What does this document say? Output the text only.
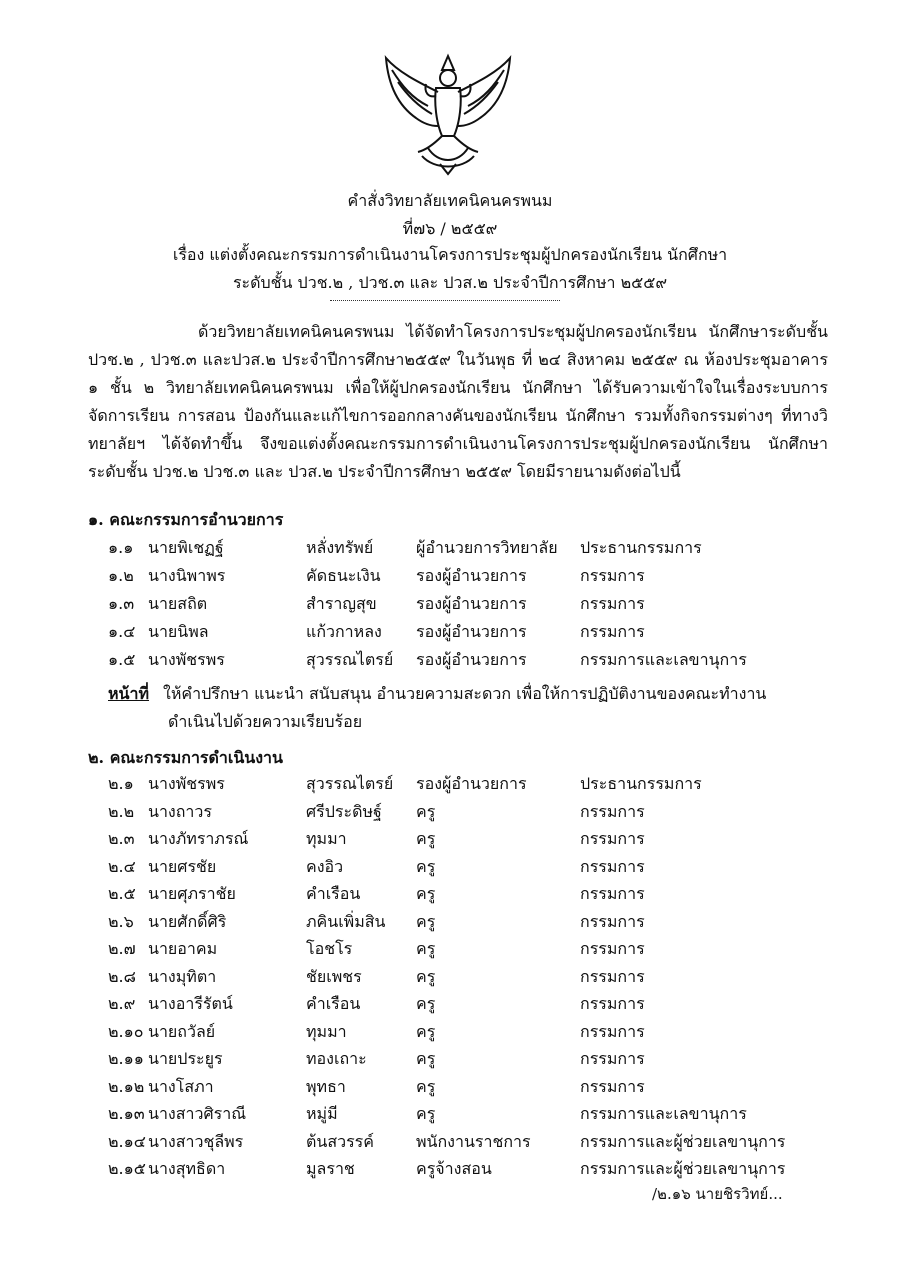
คำสั่งวิทยาลัยเทคนิคนครพนม
ที่๗๖ / ๒๕๕๙
เรื่อง แต่งตั้งคณะกรรมการดำเนินงานโครงการประชุมผู้ปกครองนักเรียน นักศึกษา
ระดับชั้น ปวช.๒ , ปวช.๓ และ ปวส.๒ ประจำปีการศึกษา ๒๕๕๙
ด้วยวิทยาลัยเทคนิคนครพนม ได้จัดทำโครงการประชุมผู้ปกครองนักเรียน นักศึกษาระดับชั้น ปวช.๒ , ปวช.๓ และปวส.๒ ประจำปีการศึกษา๒๕๕๙ ในวันพุธ ที่ ๒๔ สิงหาคม ๒๕๕๙ ณ ห้องประชุมอาคาร ๑ ชั้น ๒ วิทยาลัยเทคนิคนครพนม เพื่อให้ผู้ปกครองนักเรียน นักศึกษา ได้รับความเข้าใจในเรื่องระบบการจัดการเรียน การสอน ป้องกันและแก้ไขการออกกลางคันของนักเรียน นักศึกษา รวมทั้งกิจกรรมต่างๆ ที่ทางวิทยาลัยฯ ได้จัดทำขึ้น จึงขอแต่งตั้งคณะกรรมการดำเนินงานโครงการประชุมผู้ปกครองนักเรียน นักศึกษา ระดับชั้น ปวช.๒ ปวช.๓ และ ปวส.๒ ประจำปีการศึกษา ๒๕๕๙ โดยมีรายนามดังต่อไปนี้
๑. คณะกรรมการอำนวยการ
๑.๑ นายพิเชฏฐ์	หลั่งทรัพย์	ผู้อำนวยการวิทยาลัย ประธานกรรมการ
๑.๒ นางนิพาพร	คัดธนะเงิน รองผู้อำนวยการ	กรรมการ
๑.๓ นายสถิต	สำราญสุข รองผู้อำนวยการ	กรรมการ
๑.๔ นายนิพล	แก้วกาหลง รองผู้อำนวยการ	กรรมการ
๑.๕ นางพัชรพร	สุวรรณไตรย์ รองผู้อำนวยการ	กรรมการและเลขานุการ
หน้าที่ ให้คำปรึกษา แนะนำ สนับสนุน อำนวยความสะดวก เพื่อให้การปฏิบัติงานของคณะทำงาน
ดำเนินไปด้วยความเรียบร้อย
๒. คณะกรรมการดำเนินงาน
๒.๑ นางพัชรพร	สุวรรณไตรย์ รองผู้อำนวยการ	ประธานกรรมการ
๒.๒ นางถาวร	ศรีประดิษฐ์ ครู	กรรมการ
๒.๓ นางภัทราภรณ์	ทุมมา	ครู	กรรมการ
๒.๔ นายศรชัย	คงอิว	ครู	กรรมการ
๒.๕ นายศุภราชัย	คำเรือน	ครู	กรรมการ
๒.๖ นายศักดิ์ศิริ	ภคินเพิ่มสิน ครู	กรรมการ
๒.๗ นายอาคม	โอชโร	ครู	กรรมการ
๒.๘ นางมุทิตา	ชัยเพชร	ครู	กรรมการ
๒.๙ นางอารีรัตน์	คำเรือน	ครู	กรรมการ
๒.๑๐ นายถวัลย์	ทุมมา	ครู	กรรมการ
๒.๑๑ นายประยูร	ทองเถาะ	ครู	กรรมการ
๒.๑๒ นางโสภา	พุทธา	ครู	กรรมการ
๒.๑๓ นางสาวศิราณี	หมู่มี	ครู	กรรมการและเลขานุการ
๒.๑๔ นางสาวชุลีพร	ต้นสวรรค์	พนักงานราชการ	กรรมการและผู้ช่วยเลขานุการ
๒.๑๕ นางสุทธิดา	มูลราช	ครูจ้างสอน	กรรมการและผู้ช่วยเลขานุการ
/๒.๑๖ นายชิรวิทย์...
